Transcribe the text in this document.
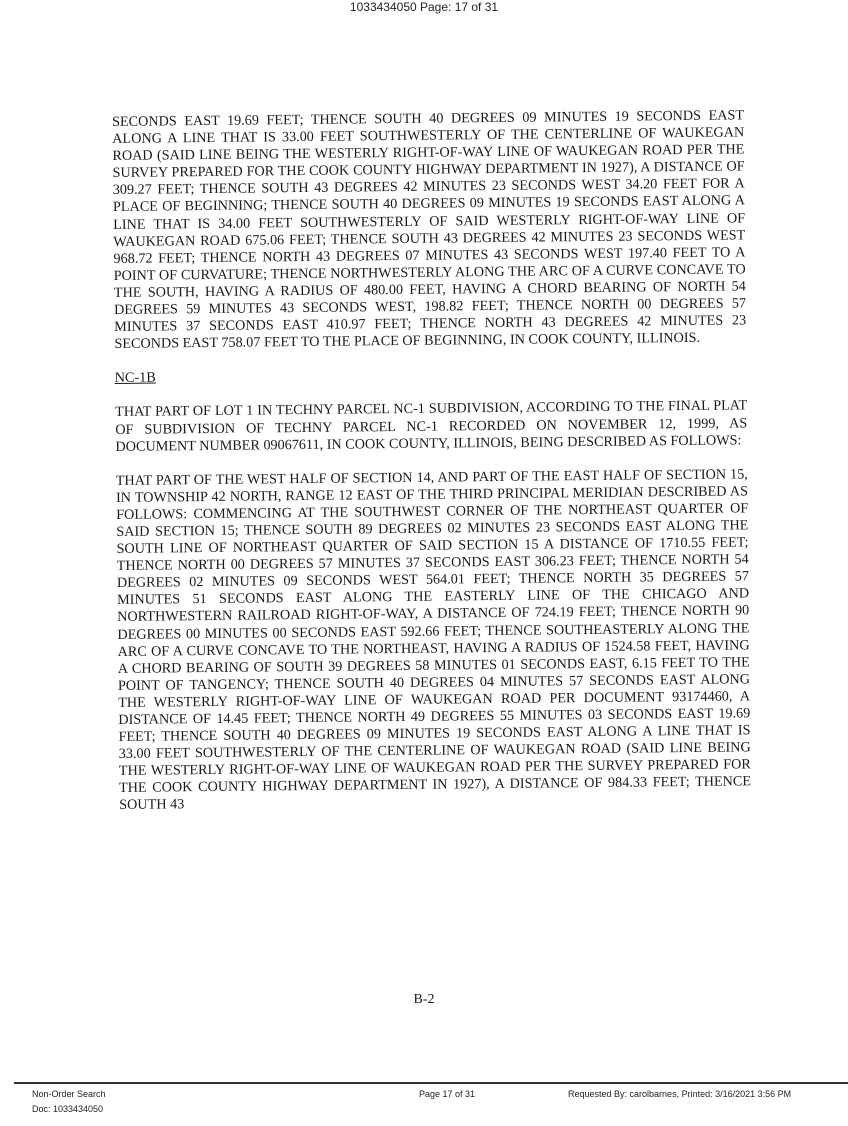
1033434050 Page: 17 of 31

SECONDS EAST 19.69 FEET; THENCE SOUTH 40 DEGREES 09 MINUTES 19 SECONDS EAST ALONG A LINE THAT IS 33.00 FEET SOUTHWESTERLY OF THE CENTERLINE OF WAUKEGAN ROAD (SAID LINE BEING THE WESTERLY RIGHT-OF-WAY LINE OF WAUKEGAN ROAD PER THE SURVEY PREPARED FOR THE COOK COUNTY HIGHWAY DEPARTMENT IN 1927), A DISTANCE OF 309.27 FEET; THENCE SOUTH 43 DEGREES 42 MINUTES 23 SECONDS WEST 34.20 FEET FOR A PLACE OF BEGINNING; THENCE SOUTH 40 DEGREES 09 MINUTES 19 SECONDS EAST ALONG A LINE THAT IS 34.00 FEET SOUTHWESTERLY OF SAID WESTERLY RIGHT-OF-WAY LINE OF WAUKEGAN ROAD 675.06 FEET; THENCE SOUTH 43 DEGREES 42 MINUTES 23 SECONDS WEST 968.72 FEET; THENCE NORTH 43 DEGREES 07 MINUTES 43 SECONDS WEST 197.40 FEET TO A POINT OF CURVATURE; THENCE NORTHWESTERLY ALONG THE ARC OF A CURVE CONCAVE TO THE SOUTH, HAVING A RADIUS OF 480.00 FEET, HAVING A CHORD BEARING OF NORTH 54 DEGREES 59 MINUTES 43 SECONDS WEST, 198.82 FEET; THENCE NORTH 00 DEGREES 57 MINUTES 37 SECONDS EAST 410.97 FEET; THENCE NORTH 43 DEGREES 42 MINUTES 23 SECONDS EAST 758.07 FEET TO THE PLACE OF BEGINNING, IN COOK COUNTY, ILLINOIS.

NC-1B

THAT PART OF LOT 1 IN TECHNY PARCEL NC-1 SUBDIVISION, ACCORDING TO THE FINAL PLAT OF SUBDIVISION OF TECHNY PARCEL NC-1 RECORDED ON NOVEMBER 12, 1999, AS DOCUMENT NUMBER 09067611, IN COOK COUNTY, ILLINOIS, BEING DESCRIBED AS FOLLOWS:

THAT PART OF THE WEST HALF OF SECTION 14, AND PART OF THE EAST HALF OF SECTION 15, IN TOWNSHIP 42 NORTH, RANGE 12 EAST OF THE THIRD PRINCIPAL MERIDIAN DESCRIBED AS FOLLOWS: COMMENCING AT THE SOUTHWEST CORNER OF THE NORTHEAST QUARTER OF SAID SECTION 15; THENCE SOUTH 89 DEGREES 02 MINUTES 23 SECONDS EAST ALONG THE SOUTH LINE OF NORTHEAST QUARTER OF SAID SECTION 15 A DISTANCE OF 1710.55 FEET; THENCE NORTH 00 DEGREES 57 MINUTES 37 SECONDS EAST 306.23 FEET; THENCE NORTH 54 DEGREES 02 MINUTES 09 SECONDS WEST 564.01 FEET; THENCE NORTH 35 DEGREES 57 MINUTES 51 SECONDS EAST ALONG THE EASTERLY LINE OF THE CHICAGO AND NORTHWESTERN RAILROAD RIGHT-OF-WAY, A DISTANCE OF 724.19 FEET; THENCE NORTH 90 DEGREES 00 MINUTES 00 SECONDS EAST 592.66 FEET; THENCE SOUTHEASTERLY ALONG THE ARC OF A CURVE CONCAVE TO THE NORTHEAST, HAVING A RADIUS OF 1524.58 FEET, HAVING A CHORD BEARING OF SOUTH 39 DEGREES 58 MINUTES 01 SECONDS EAST, 6.15 FEET TO THE POINT OF TANGENCY; THENCE SOUTH 40 DEGREES 04 MINUTES 57 SECONDS EAST ALONG THE WESTERLY RIGHT-OF-WAY LINE OF WAUKEGAN ROAD PER DOCUMENT 93174460, A DISTANCE OF 14.45 FEET; THENCE NORTH 49 DEGREES 55 MINUTES 03 SECONDS EAST 19.69 FEET; THENCE SOUTH 40 DEGREES 09 MINUTES 19 SECONDS EAST ALONG A LINE THAT IS 33.00 FEET SOUTHWESTERLY OF THE CENTERLINE OF WAUKEGAN ROAD (SAID LINE BEING THE WESTERLY RIGHT-OF-WAY LINE OF WAUKEGAN ROAD PER THE SURVEY PREPARED FOR THE COOK COUNTY HIGHWAY DEPARTMENT IN 1927), A DISTANCE OF 984.33 FEET; THENCE SOUTH 43

B-2
Non-Order Search
Doc: 1033434050
Page 17 of 31	Requested By: carolbarnes, Printed: 3/16/2021 3:56 PM
